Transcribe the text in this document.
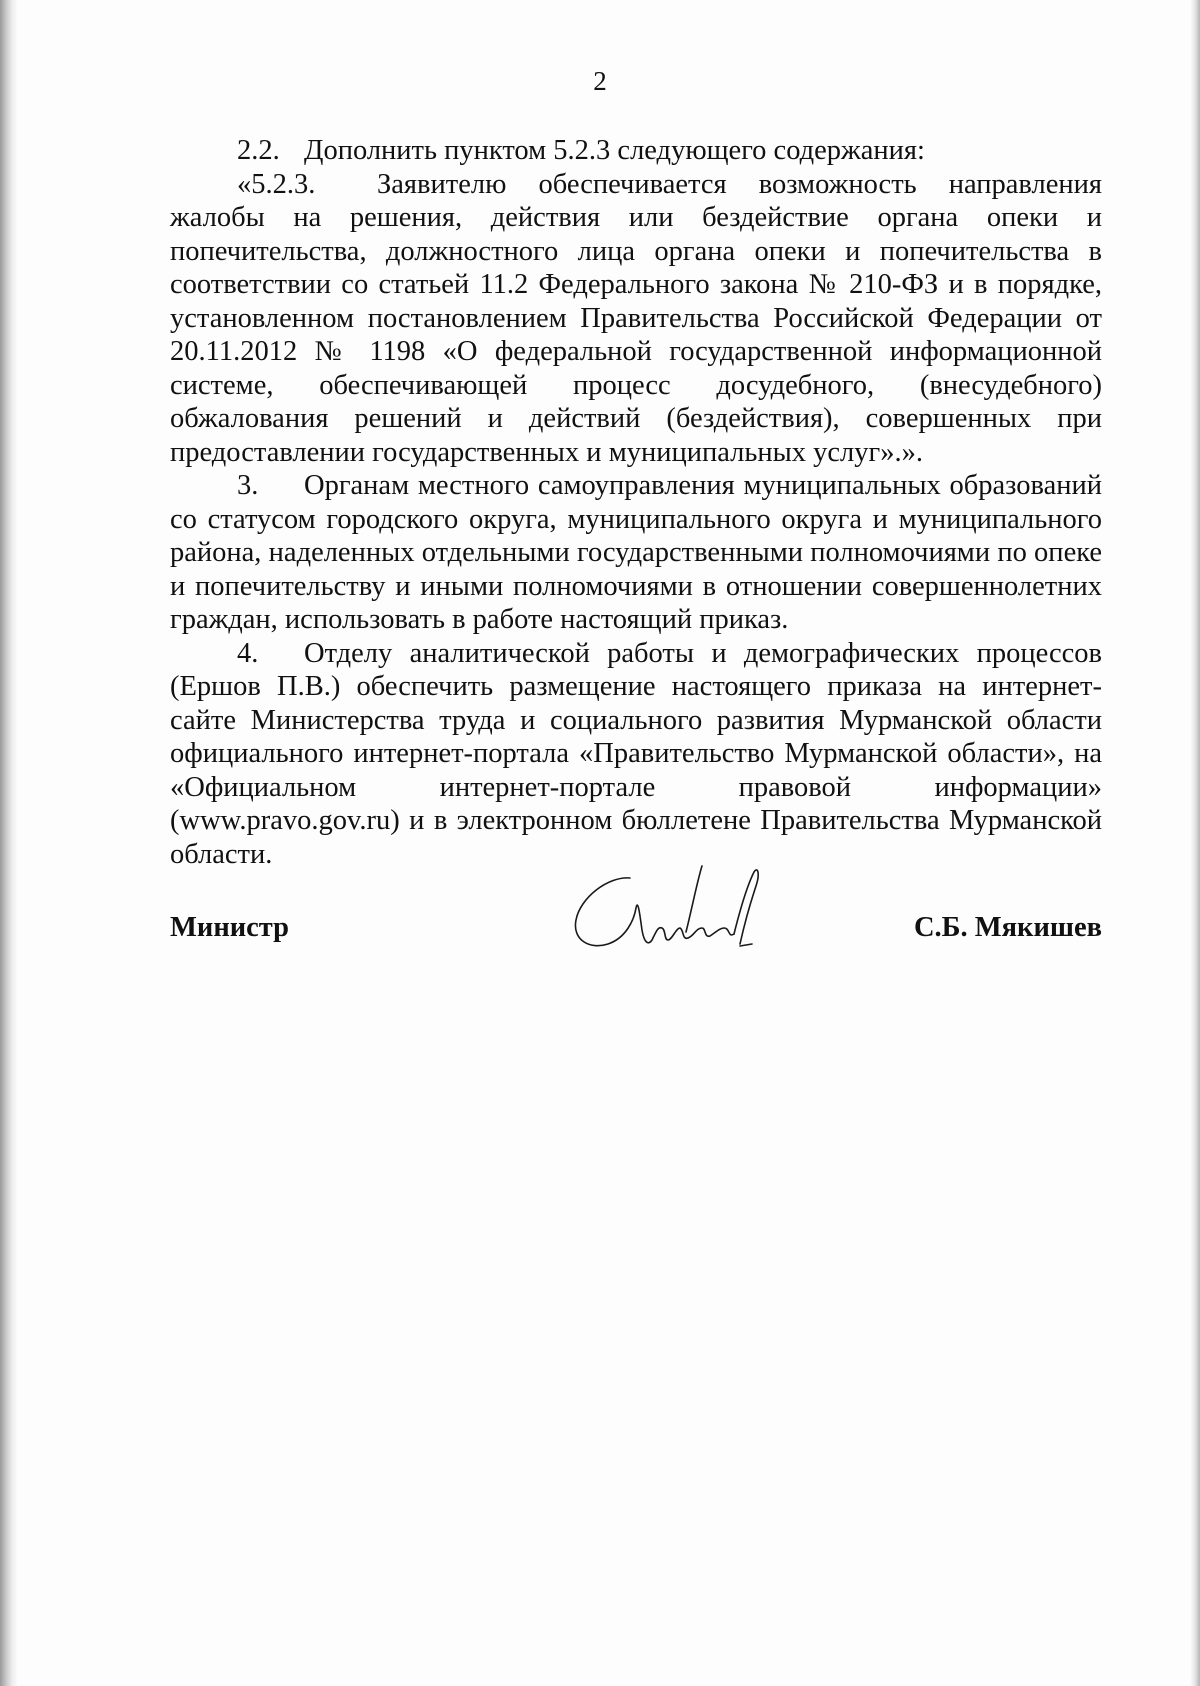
2

2.2. Дополнить пунктом 5.2.3 следующего содержания:

«5.2.3. Заявителю обеспечивается возможность направления жалобы на решения, действия или бездействие органа опеки и попечительства, должностного лица органа опеки и попечительства в соответствии со статьей 11.2 Федерального закона № 210-ФЗ и в порядке, установленном постановлением Правительства Российской Федерации от 20.11.2012 № 1198 «О федеральной государственной информационной системе, обеспечивающей процесс досудебного, (внесудебного) обжалования решений и действий (бездействия), совершенных при предоставлении государственных и муниципальных услуг».».

3. Органам местного самоуправления муниципальных образований со статусом городского округа, муниципального округа и муниципального района, наделенных отдельными государственными полномочиями по опеке и попечительству и иными полномочиями в отношении совершеннолетних граждан, использовать в работе настоящий приказ.

4. Отделу аналитической работы и демографических процессов (Ершов П.В.) обеспечить размещение настоящего приказа на интернет-сайте Министерства труда и социального развития Мурманской области официального интернет-портала «Правительство Мурманской области», на «Официальном интернет-портале правовой информации» (www.pravo.gov.ru) и в электронном бюллетене Правительства Мурманской области.

Министр	С.Б. Мякишев
